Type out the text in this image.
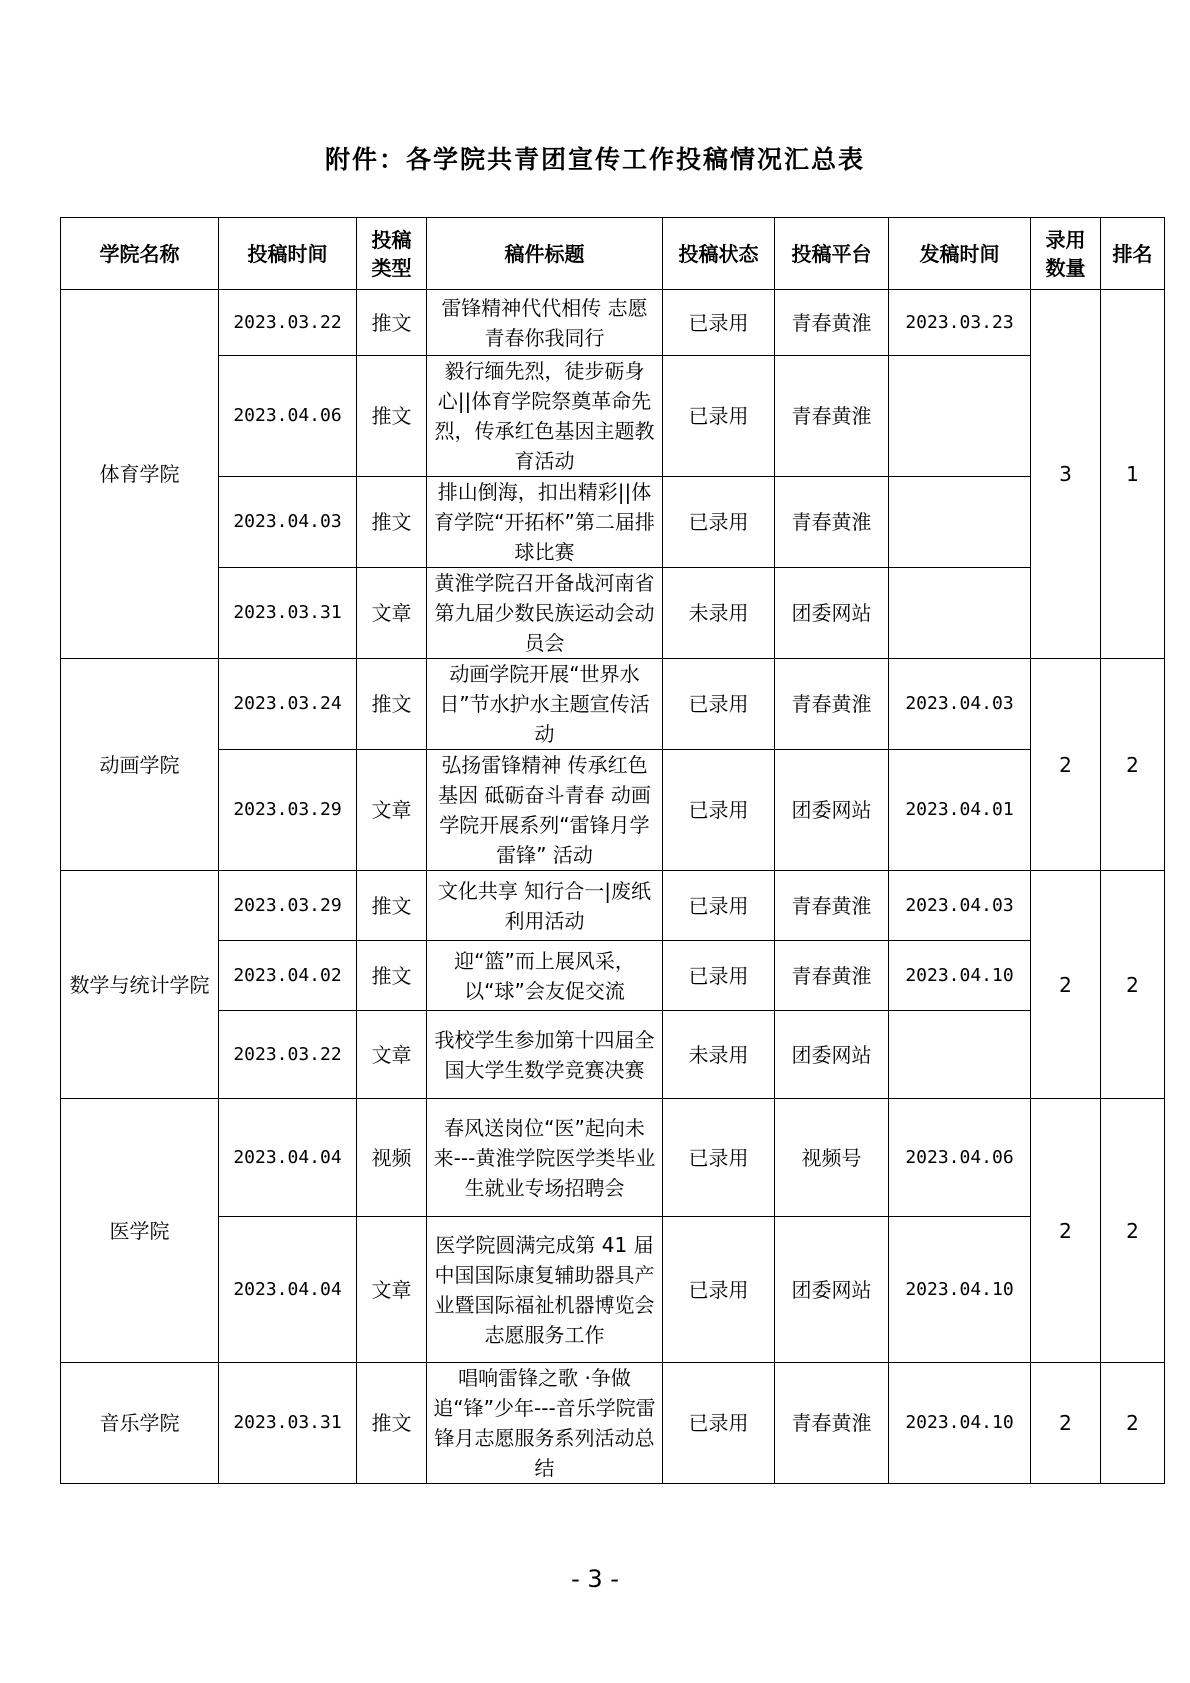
附件：各学院共青团宣传工作投稿情况汇总表
学院名称	投稿时间	投稿类型	稿件标题	投稿状态	投稿平台	发稿时间	录用数量	排名
体育学院	2023.03.22	推文	雷锋精神代代相传 志愿青春你我同行	已录用	青春黄淮	2023.03.23	3	1
	2023.04.06	推文	毅行缅先烈，徒步砺身心||体育学院祭奠革命先烈，传承红色基因主题教育活动	已录用	青春黄淮			
	2023.04.03	推文	排山倒海，扣出精彩||体育学院“开拓杯”第二届排球比赛	已录用	青春黄淮			
	2023.03.31	文章	黄淮学院召开备战河南省第九届少数民族运动会动员会	未录用	团委网站			
动画学院	2023.03.24	推文	动画学院开展“世界水日”节水护水主题宣传活动	已录用	青春黄淮	2023.04.03	2	2
	2023.03.29	文章	弘扬雷锋精神 传承红色基因 砥砺奋斗青春 动画学院开展系列“雷锋月学雷锋” 活动	已录用	团委网站	2023.04.01		
数学与统计学院	2023.03.29	推文	文化共享 知行合一|废纸利用活动	已录用	青春黄淮	2023.04.03	2	2
	2023.04.02	推文	迎“篮”而上展风采，以“球”会友促交流	已录用	青春黄淮	2023.04.10		
	2023.03.22	文章	我校学生参加第十四届全国大学生数学竞赛决赛	未录用	团委网站			
医学院	2023.04.04	视频	春风送岗位“医”起向未来---黄淮学院医学类毕业生就业专场招聘会	已录用	视频号	2023.04.06	2	2
	2023.04.04	文章	医学院圆满完成第 41 届中国国际康复辅助器具产业暨国际福祉机器博览会志愿服务工作	已录用	团委网站	2023.04.10		
音乐学院	2023.03.31	推文	唱响雷锋之歌 ·争做追“锋”少年---音乐学院雷锋月志愿服务系列活动总结	已录用	青春黄淮	2023.04.10	2	2
- 3 -
